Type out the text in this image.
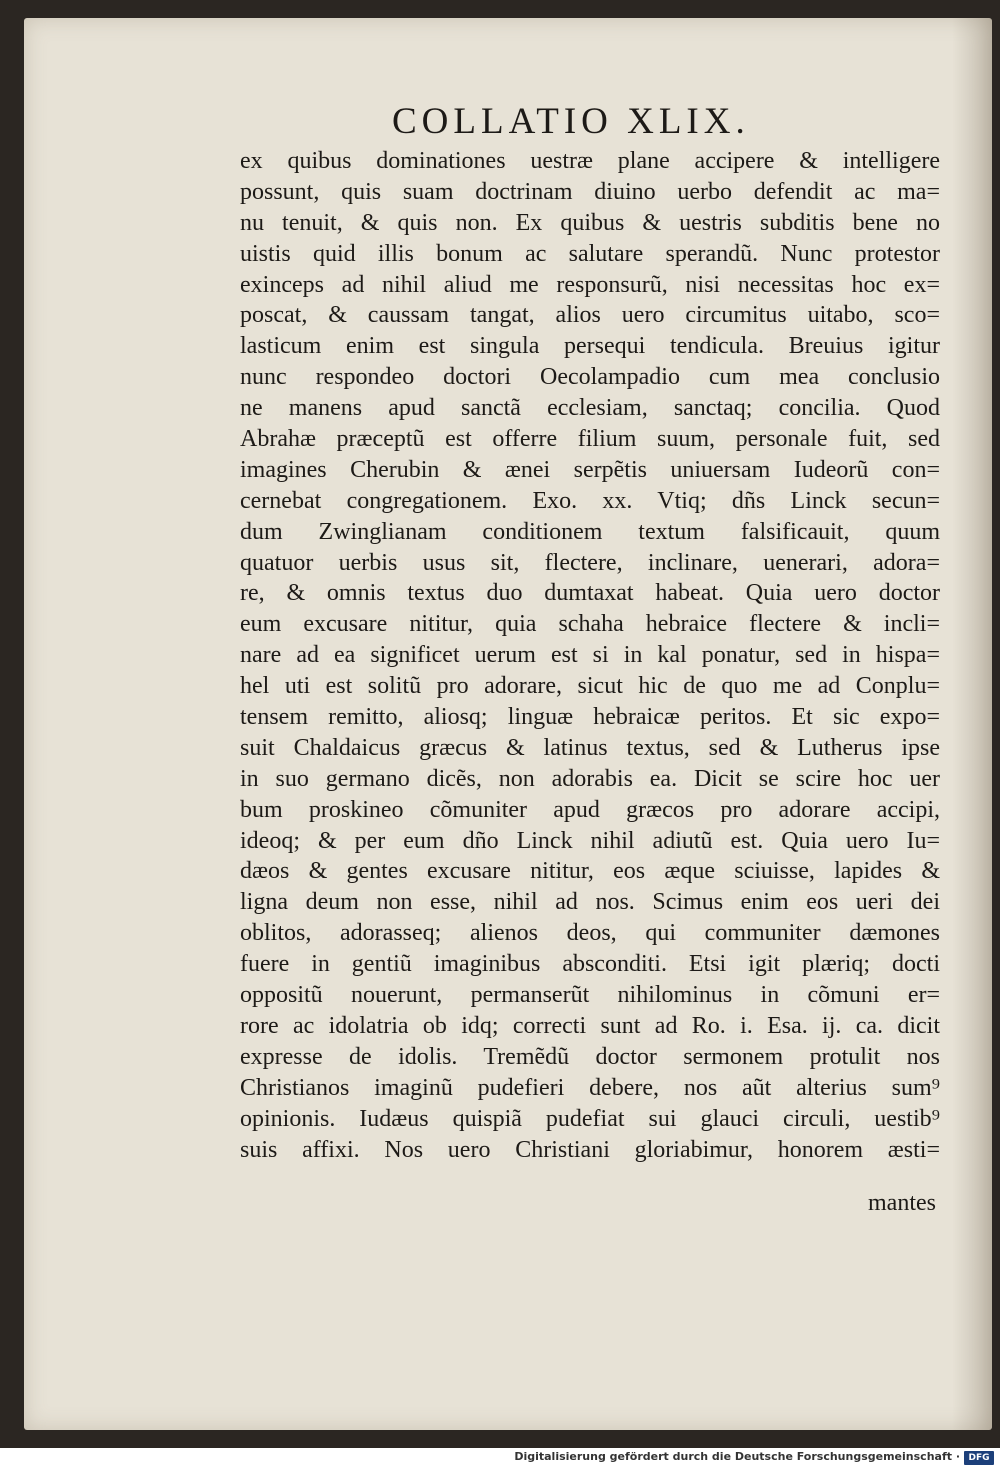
COLLATIO XLIX.
ex quibus dominationes uestræ plane accipere & intelligere
possunt, quis suam doctrinam diuino uerbo defendit ac ma=
nu tenuit, & quis non. Ex quibus & uestris subditis bene no
uistis quid illis bonum ac salutare sperandũ. Nunc protestor
exinceps ad nihil aliud me responsurũ, nisi necessitas hoc ex=
poscat, & caussam tangat, alios uero circumitus uitabo, sco=
lasticum enim est singula persequi tendicula. Breuius igitur
nunc respondeo doctori Oecolampadio cum mea conclusio
ne manens apud sanctã ecclesiam, sanctaq; concilia. Quod
Abrahæ præceptũ est offerre filium suum, personale fuit, sed
imagines Cherubin & ænei serpẽtis uniuersam Iudeorũ con=
cernebat congregationem. Exo. xx. Vtiq; dñs Linck secun=
dum Zwinglianam conditionem textum falsificauit, quum
quatuor uerbis usus sit, flectere, inclinare, uenerari, adora=
re, & omnis textus duo dumtaxat habeat. Quia uero doctor
eum excusare nititur, quia schaha hebraice flectere & incli=
nare ad ea significet uerum est si in kal ponatur, sed in hispa=
hel uti est solitũ pro adorare, sicut hic de quo me ad Conplu=
tensem remitto, aliosq; linguæ hebraicæ peritos. Et sic expo=
suit Chaldaicus græcus & latinus textus, sed & Lutherus ipse
in suo germano dicẽs, non adorabis ea. Dicit se scire hoc uer
bum proskineo cõmuniter apud græcos pro adorare accipi,
ideoq; & per eum dño Linck nihil adiutũ est. Quia uero Iu=
dæos & gentes excusare nititur, eos æque sciuisse, lapides &
ligna deum non esse, nihil ad nos. Scimus enim eos ueri dei
oblitos, adorasseq; alienos deos, qui communiter dæmones
fuere in gentiũ imaginibus absconditi. Etsi igit plæriq; docti
oppositũ nouerunt, permanserũt nihilominus in cõmuni er=
rore ac idolatria ob idq; correcti sunt ad Ro. i. Esa. ij. ca. dicit
expresse de idolis. Tremẽdũ doctor sermonem protulit nos
Christianos imaginũ pudefieri debere, nos aũt alterius sum⁹
opinionis. Iudæus quispiã pudefiat sui glauci circuli, uestib⁹
suis affixi. Nos uero Christiani gloriabimur, honorem æsti=
mantes
Digitalisierung gefördert durch die Deutsche Forschungsgemeinschaft · DFG
